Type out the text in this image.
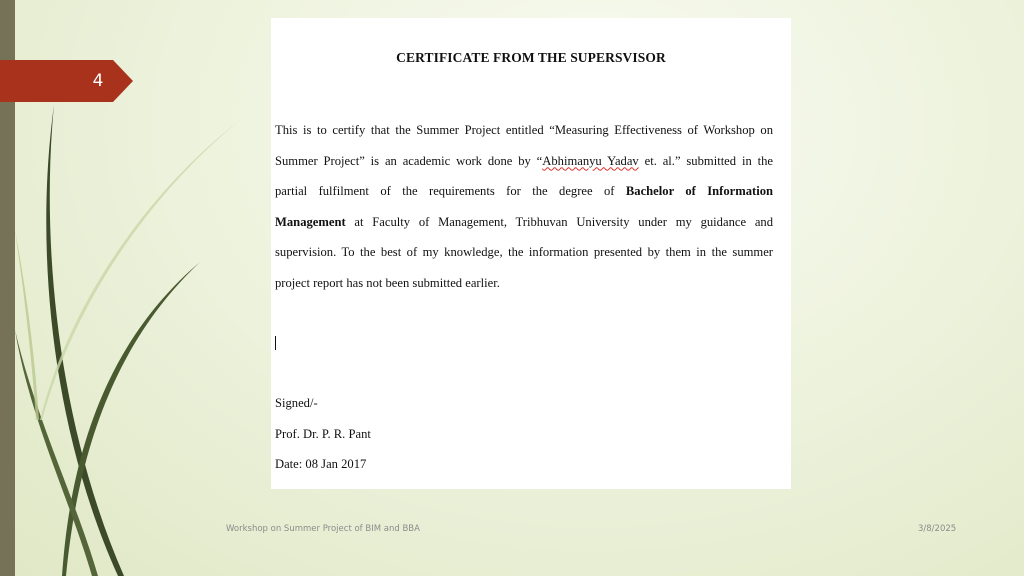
4
CERTIFICATE FROM THE SUPERSVISOR
This is to certify that the Summer Project entitled “Measuring Effectiveness of Workshop on
Summer Project” is an academic work done by “Abhimanyu Yadav et. al.” submitted in the
partial fulfilment of the requirements for the degree of Bachelor of Information
Management at Faculty of Management, Tribhuvan University under my guidance and
supervision. To the best of my knowledge, the information presented by them in the summer
project report has not been submitted earlier.
Signed/-
Prof. Dr. P. R. Pant
Date: 08 Jan 2017
Workshop on Summer Project of BIM and BBA	3/8/2025
